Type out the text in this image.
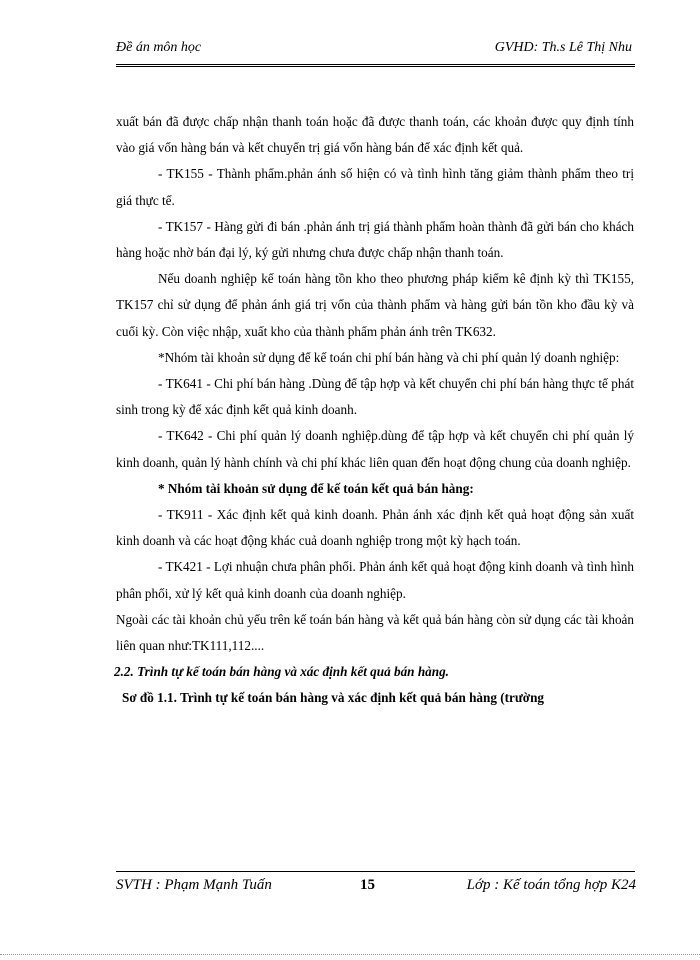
Đề án môn học	GVHD: Th.s Lê Thị Nhu

xuất bán đã được chấp nhận thanh toán hoặc đã được thanh toán, các khoản được quy định tính vào giá vốn hàng bán và kết chuyển trị giá vốn hàng bán để xác định kết quả.

- TK155 - Thành phẩm.phản ánh số hiện có và tình hình tăng giảm thành phẩm theo trị giá thực tế.

- TK157 - Hàng gửi đi bán .phản ánh trị giá thành phẩm hoàn thành đã gửi bán cho khách hàng hoặc nhờ bán đại lý, ký gửi nhưng chưa được chấp nhận thanh toán.

Nếu doanh nghiệp kế toán hàng tồn kho theo phương pháp kiểm kê định kỳ thì TK155, TK157 chỉ sử dụng để phản ánh giá trị vốn của thành phẩm và hàng gửi bán tồn kho đầu kỳ và cuối kỳ. Còn việc nhập, xuất kho của thành phẩm phản ánh trên TK632.

*Nhóm tài khoản sử dụng để kế toán chi phí bán hàng và chi phí quản lý doanh nghiệp:

- TK641 - Chi phí bán hàng .Dùng để tập hợp và kết chuyển chi phí bán hàng thực tế phát sinh trong kỳ để xác định kết quả kinh doanh.

- TK642 - Chi phí quản lý doanh nghiệp.dùng để tập hợp và kết chuyển chi phí quản lý kinh doanh, quản lý hành chính và chi phí khác liên quan đến hoạt động chung của doanh nghiệp.

* Nhóm tài khoản sử dụng để kế toán kết quả bán hàng:

- TK911 - Xác định kết quả kinh doanh. Phản ánh xác định kết quả hoạt động sản xuất kinh doanh và các hoạt động khác cuả doanh nghiệp trong một kỳ hạch toán.

- TK421 - Lợi nhuận chưa phân phối. Phản ánh kết quả hoạt động kinh doanh và tình hình phân phối, xử lý kết quả kinh doanh của doanh nghiệp.

Ngoài các tài khoản chủ yếu trên kế toán bán hàng và kết quả bán hàng còn sử dụng các tài khoản liên quan như:TK111,112....

2.2. Trình tự kế toán bán hàng và xác định kết quả bán hàng.

Sơ đồ 1.1. Trình tự kế toán bán hàng và xác định kết quả bán hàng (trường

SVTH : Phạm Mạnh Tuấn	15	Lớp : Kế toán tổng hợp K24
